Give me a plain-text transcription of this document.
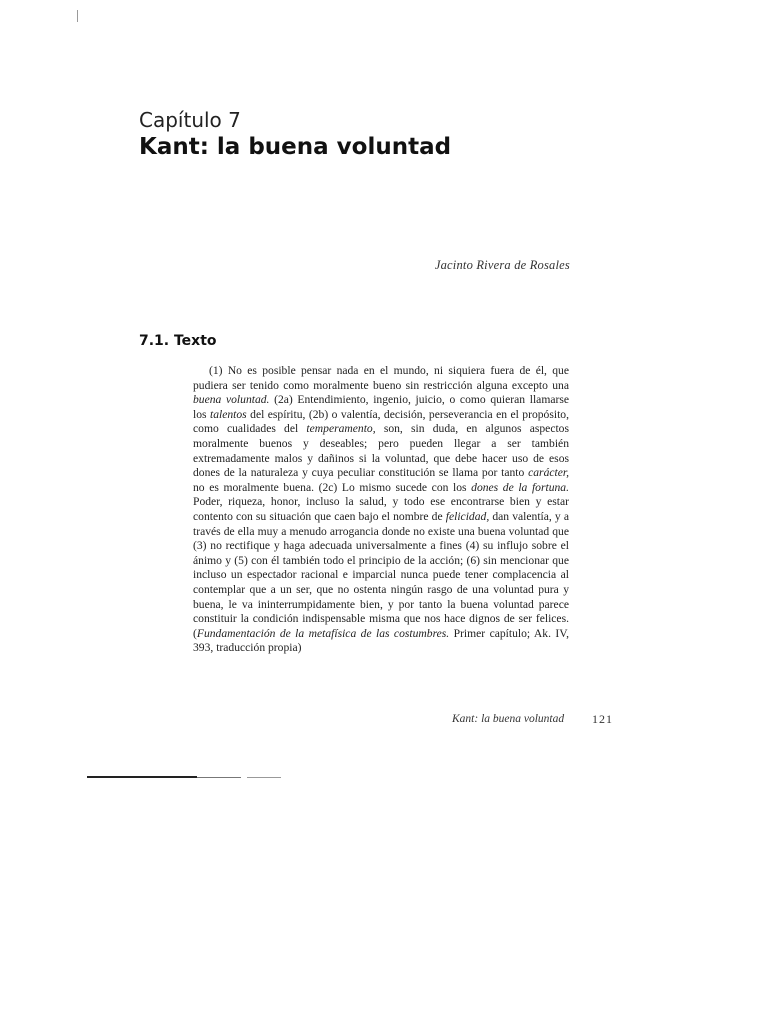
Capítulo 7
Kant: la buena voluntad
Jacinto Rivera de Rosales
7.1. Texto

(1) No es posible pensar nada en el mundo, ni siquiera fuera de él, que pudiera ser tenido como moralmente bueno sin restricción alguna excepto una buena voluntad. (2a) Entendimiento, ingenio, juicio, o como quieran llamarse los talentos del espíritu, (2b) o valentía, decisión, perseverancia en el propósito, como cualidades del temperamento, son, sin duda, en algunos aspectos moralmente buenos y deseables; pero pueden llegar a ser también extremadamente malos y dañinos si la voluntad, que debe hacer uso de esos dones de la naturaleza y cuya peculiar constitución se llama por tanto carácter, no es moralmente buena. (2c) Lo mismo sucede con los dones de la fortuna. Poder, riqueza, honor, incluso la salud, y todo ese encontrarse bien y estar contento con su situación que caen bajo el nombre de felicidad, dan valentía, y a través de ella muy a menudo arrogancia donde no existe una buena voluntad que (3) no rectifique y haga adecuada universalmente a fines (4) su influjo sobre el ánimo y (5) con él también todo el principio de la acción; (6) sin mencionar que incluso un espectador racional e imparcial nunca puede tener complacencia al contemplar que a un ser, que no ostenta ningún rasgo de una voluntad pura y buena, le va ininterrumpidamente bien, y por tanto la buena voluntad parece constituir la condición indispensable misma que nos hace dignos de ser felices. (Fundamentación de la metafísica de las costumbres. Primer capítulo; Ak. IV, 393, traducción propia)

Kant: la buena voluntad 121
